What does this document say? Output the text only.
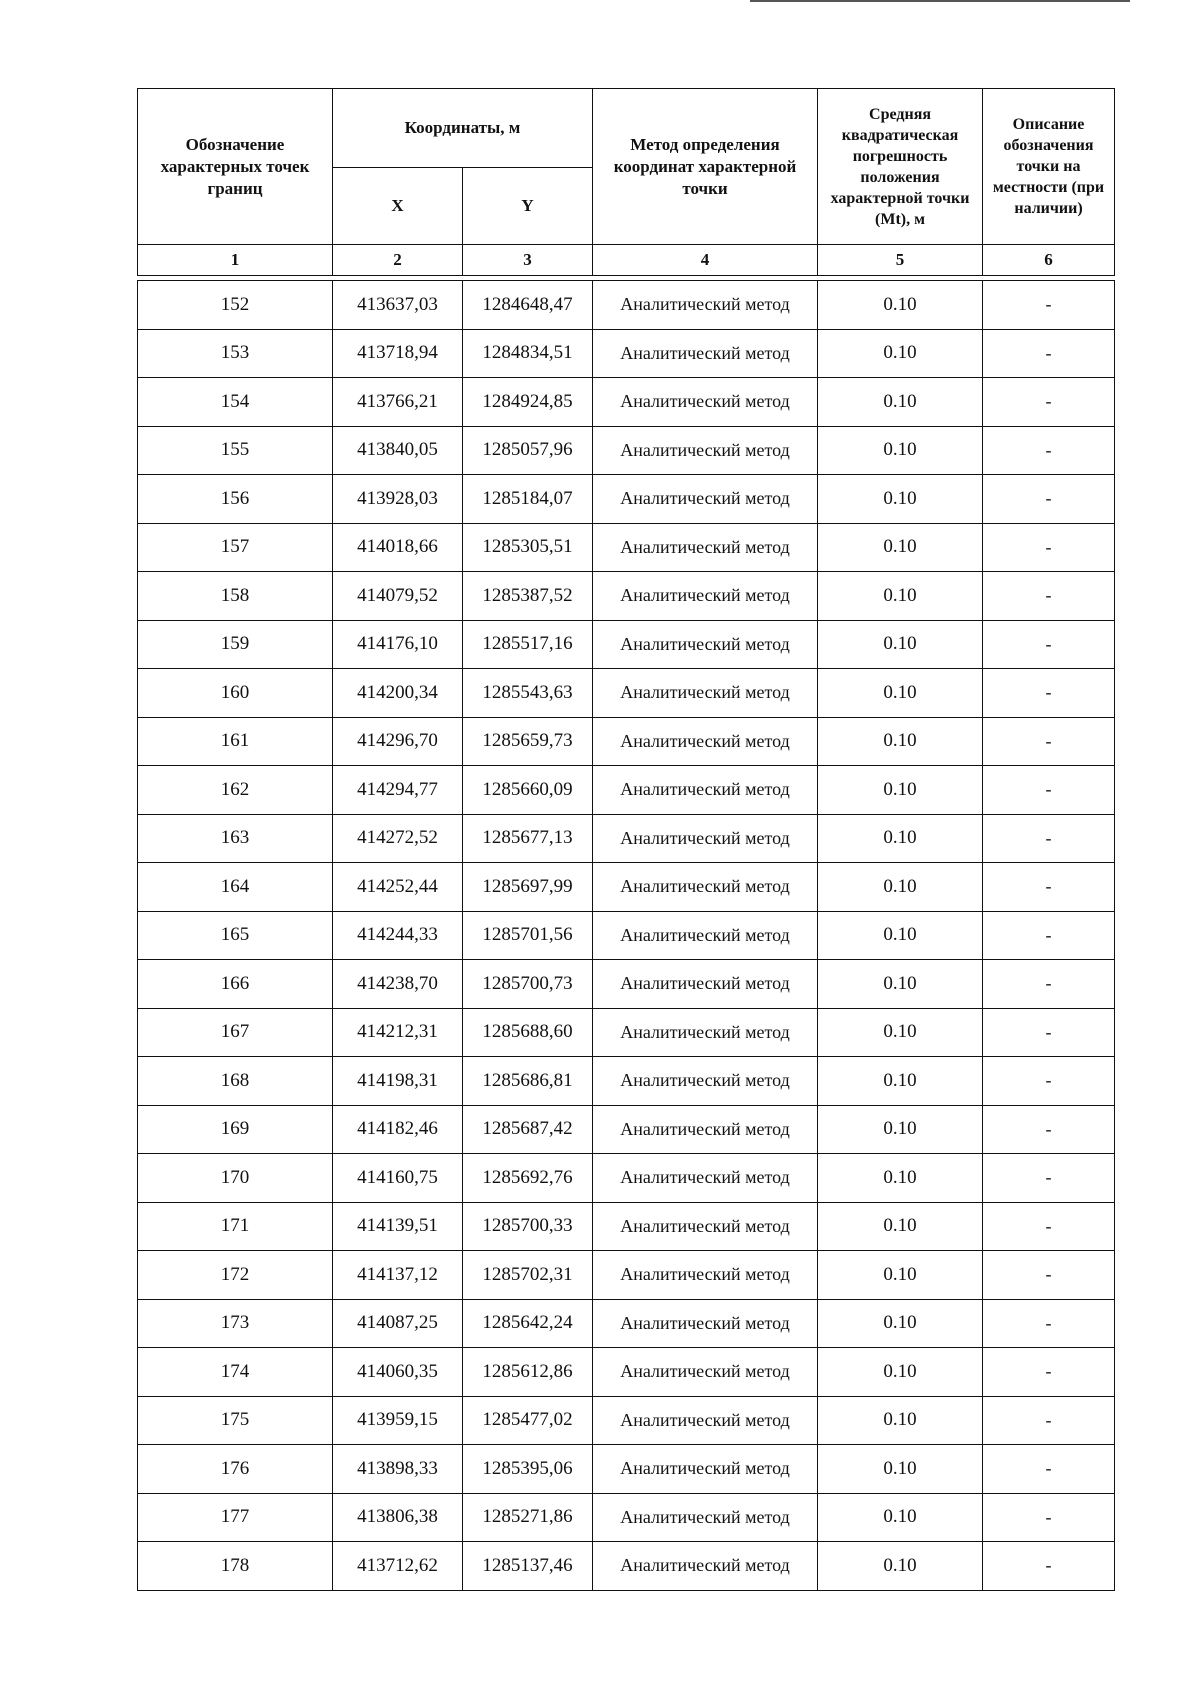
Обозначение характерных точек границ	Координаты, м		Метод определения координат характерной точки	Средняя квадратическая погрешность положения характерной точки (Mt), м	Описание обозначения точки на местности (при наличии)
	X	Y			
1	2	3	4	5	6

152	413637,03	1284648,47	Аналитический метод	0.10	-
153	413718,94	1284834,51	Аналитический метод	0.10	-
154	413766,21	1284924,85	Аналитический метод	0.10	-
155	413840,05	1285057,96	Аналитический метод	0.10	-
156	413928,03	1285184,07	Аналитический метод	0.10	-
157	414018,66	1285305,51	Аналитический метод	0.10	-
158	414079,52	1285387,52	Аналитический метод	0.10	-
159	414176,10	1285517,16	Аналитический метод	0.10	-
160	414200,34	1285543,63	Аналитический метод	0.10	-
161	414296,70	1285659,73	Аналитический метод	0.10	-
162	414294,77	1285660,09	Аналитический метод	0.10	-
163	414272,52	1285677,13	Аналитический метод	0.10	-
164	414252,44	1285697,99	Аналитический метод	0.10	-
165	414244,33	1285701,56	Аналитический метод	0.10	-
166	414238,70	1285700,73	Аналитический метод	0.10	-
167	414212,31	1285688,60	Аналитический метод	0.10	-
168	414198,31	1285686,81	Аналитический метод	0.10	-
169	414182,46	1285687,42	Аналитический метод	0.10	-
170	414160,75	1285692,76	Аналитический метод	0.10	-
171	414139,51	1285700,33	Аналитический метод	0.10	-
172	414137,12	1285702,31	Аналитический метод	0.10	-
173	414087,25	1285642,24	Аналитический метод	0.10	-
174	414060,35	1285612,86	Аналитический метод	0.10	-
175	413959,15	1285477,02	Аналитический метод	0.10	-
176	413898,33	1285395,06	Аналитический метод	0.10	-
177	413806,38	1285271,86	Аналитический метод	0.10	-
178	413712,62	1285137,46	Аналитический метод	0.10	-
